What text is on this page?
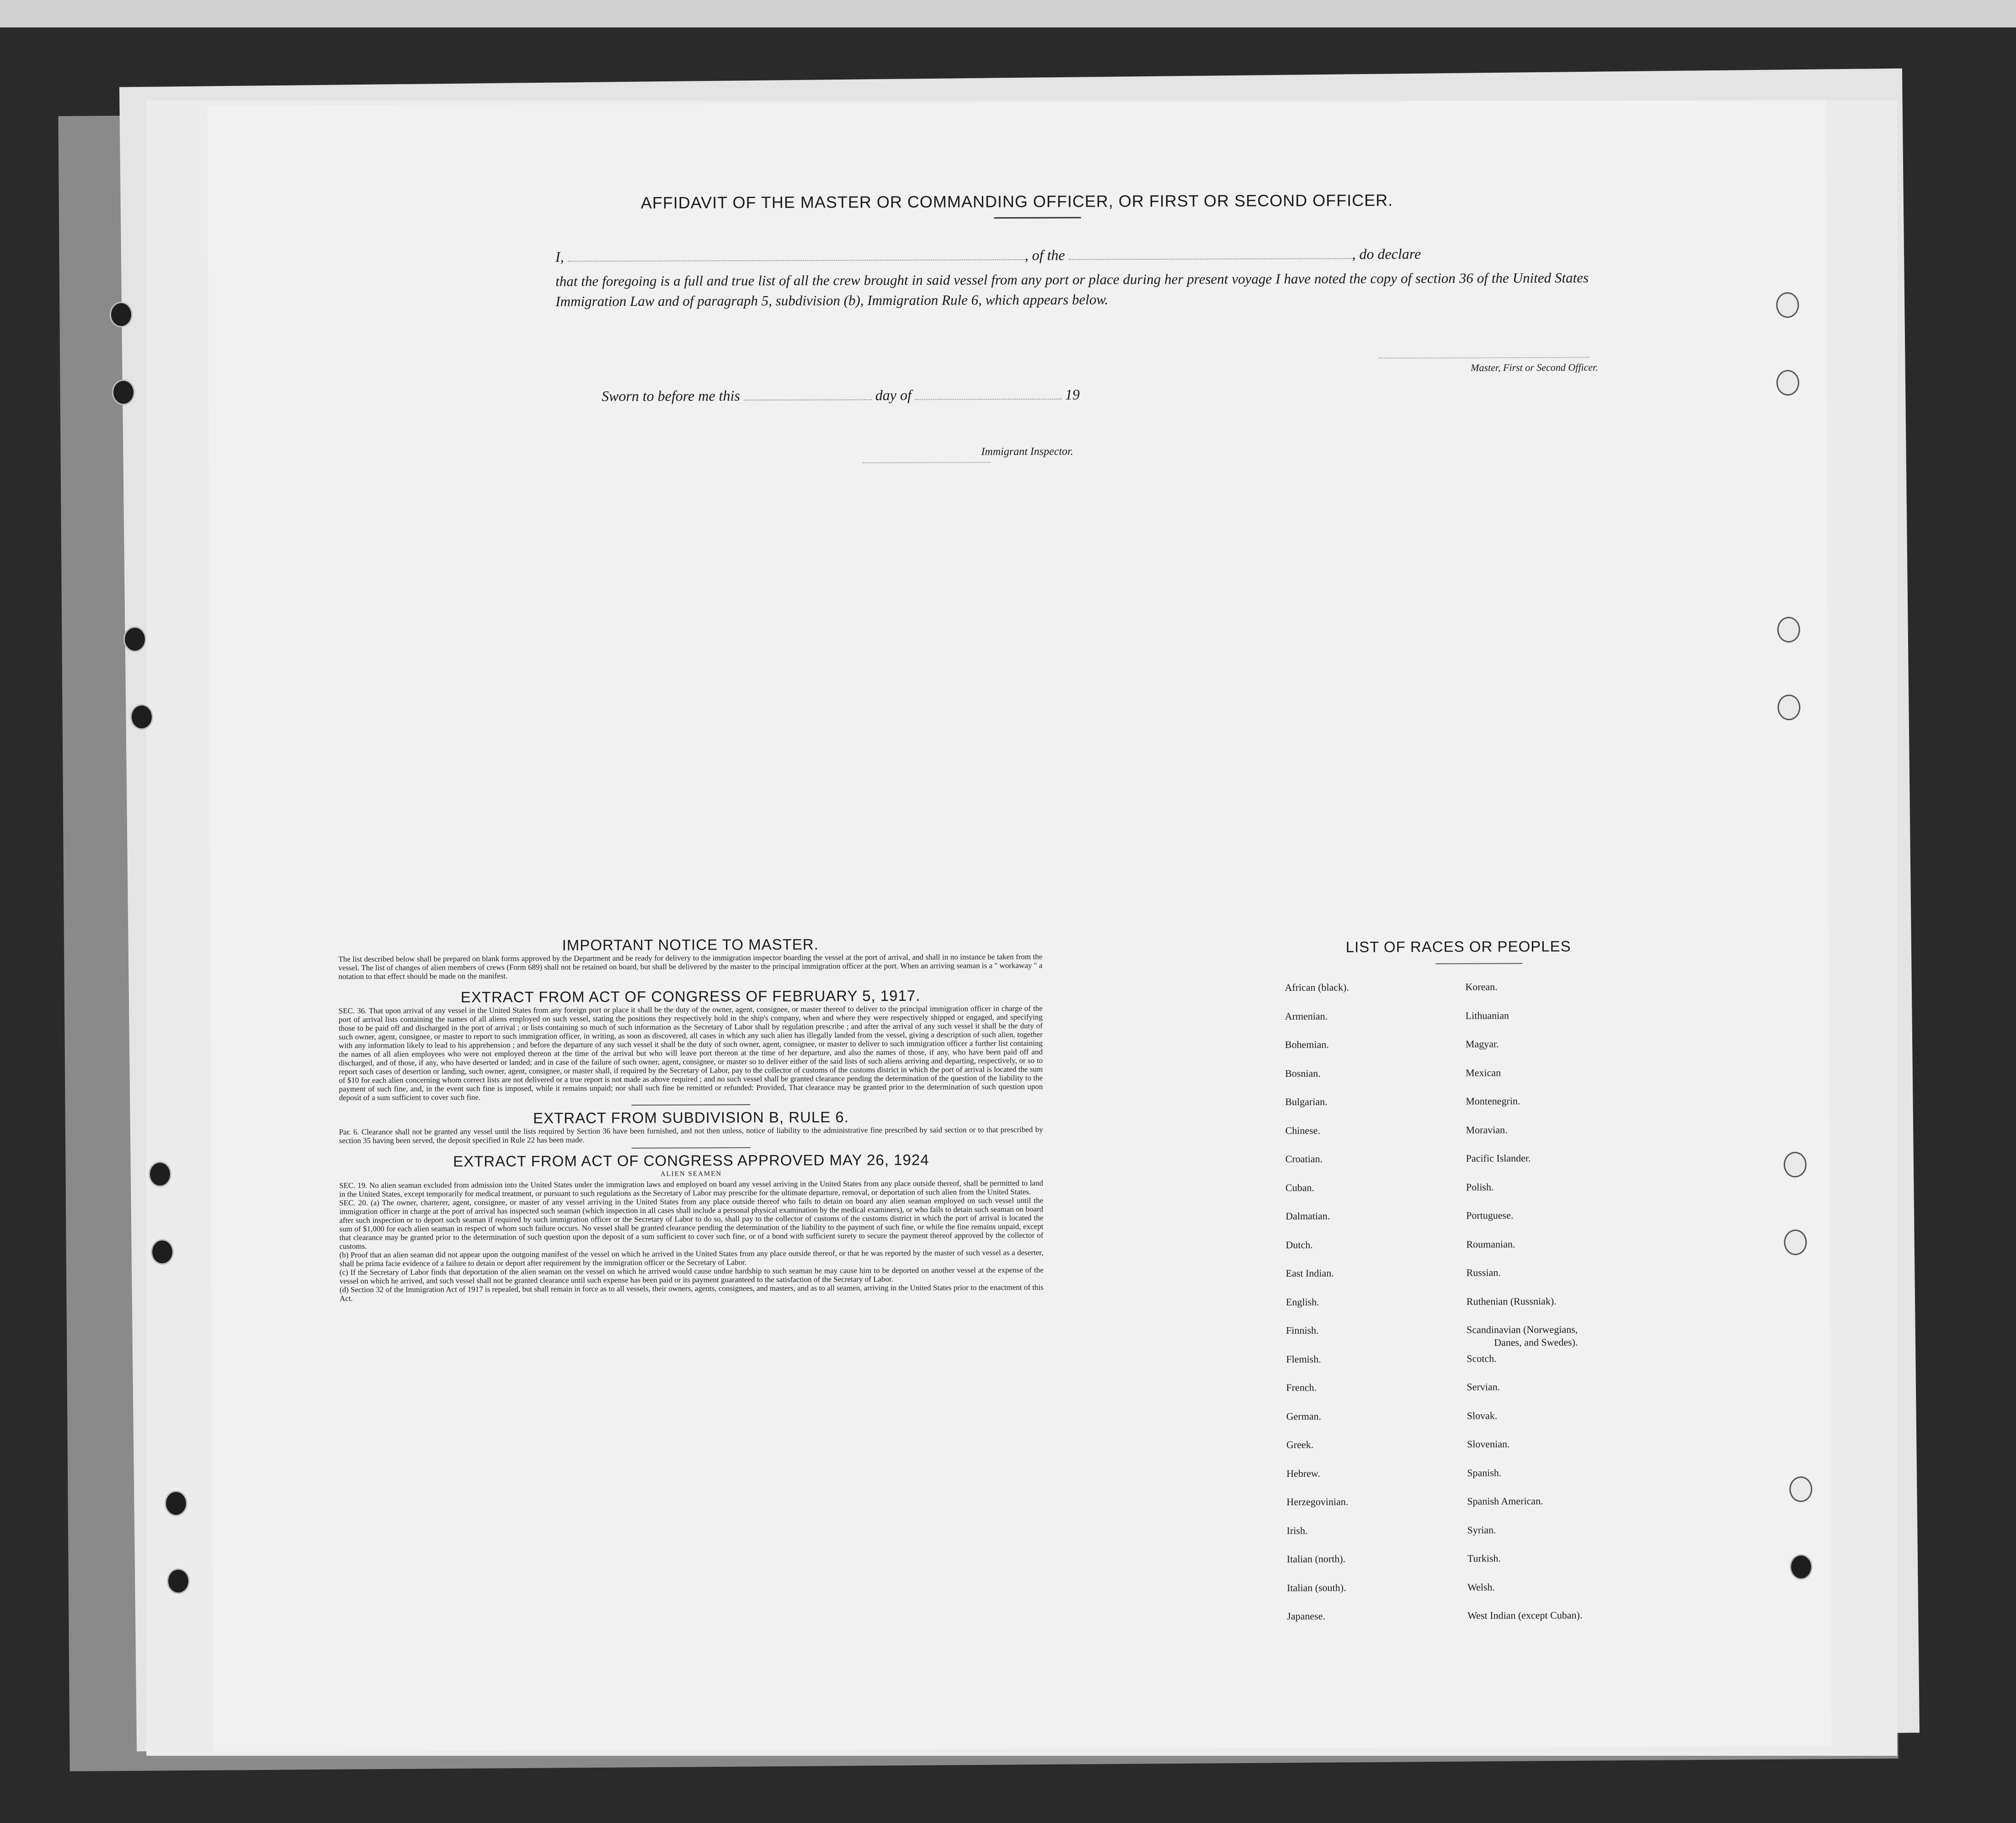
AFFIDAVIT OF THE MASTER OR COMMANDING OFFICER, OR FIRST OR SECOND OFFICER.
I,	, of the	, do declare
that the foregoing is a full and true list of all the crew brought in said vessel from any port or place during her present voyage I have noted the copy of section 36 of the United States Immigration Law and of paragraph 5, subdivision (b), Immigration Rule 6, which appears below.
Master, First or Second Officer.
Sworn to before me this	day of	19
Immigrant Inspector.

IMPORTANT NOTICE TO MASTER.

The list described below shall be prepared on blank forms approved by the Department and be ready for delivery to the immigration inspector boarding the vessel at the port of arrival, and shall in no instance be taken from the vessel. The list of changes of alien members of crews (Form 689) shall not be retained on board, but shall be delivered by the master to the principal immigration officer at the port. When an arriving seaman is a " workaway " a notation to that effect should be made on the manifest.

EXTRACT FROM ACT OF CONGRESS OF FEBRUARY 5, 1917.

SEC. 36. That upon arrival of any vessel in the United States from any foreign port or place it shall be the duty of the owner, agent, consignee, or master thereof to deliver to the principal immigration officer in charge of the port of arrival lists containing the names of all aliens employed on such vessel, stating the positions they respectively hold in the ship's company, when and where they were respectively shipped or engaged, and specifying those to be paid off and discharged in the port of arrival ; or lists containing so much of such information as the Secretary of Labor shall by regulation prescribe ; and after the arrival of any such vessel it shall be the duty of such owner, agent, consignee, or master to report to such immigration officer, in writing, as soon as discovered, all cases in which any such alien has illegally landed from the vessel, giving a description of such alien, together with any information likely to lead to his apprehension ; and before the departure of any such vessel it shall be the duty of such owner, agent, consignee, or master to deliver to such immigration officer a further list containing the names of all alien employees who were not employed thereon at the time of the arrival but who will leave port thereon at the time of her departure, and also the names of those, if any, who have been paid off and discharged, and of those, if any, who have deserted or landed; and in case of the failure of such owner, agent, consignee, or master so to deliver either of the said lists of such aliens arriving and departing, respectively, or so to report such cases of desertion or landing, such owner, agent, consignee, or master shall, if required by the Secretary of Labor, pay to the collector of customs of the customs district in which the port of arrival is located the sum of $10 for each alien concerning whom correct lists are not delivered or a true report is not made as above required ; and no such vessel shall be granted clearance pending the determination of the question of the liability to the payment of such fine, and, in the event such fine is imposed, while it remains unpaid; nor shall such fine be remitted or refunded: Provided, That clearance may be granted prior to the determination of such question upon deposit of a sum sufficient to cover such fine.

EXTRACT FROM SUBDIVISION B, RULE 6.

Par. 6. Clearance shall not be granted any vessel until the lists required by Section 36 have been furnished, and not then unless, notice of liability to the administrative fine prescribed by said section or to that prescribed by section 35 having been served, the deposit specified in Rule 22 has been made.

EXTRACT FROM ACT OF CONGRESS APPROVED MAY 26, 1924

ALIEN SEAMEN

SEC. 19. No alien seaman excluded from admission into the United States under the immigration laws and employed on board any vessel arriving in the United States from any place outside thereof, shall be permitted to land in the United States, except temporarily for medical treatment, or pursuant to such regulations as the Secretary of Labor may prescribe for the ultimate departure, removal, or deportation of such alien from the United States.

SEC. 20. (a) The owner, charterer, agent, consignee, or master of any vessel arriving in the United States from any place outside thereof who fails to detain on board any alien seaman employed on such vessel until the immigration officer in charge at the port of arrival has inspected such seaman (which inspection in all cases shall include a personal physical examination by the medical examiners), or who fails to detain such seaman on board after such inspection or to deport such seaman if required by such immigration officer or the Secretary of Labor to do so, shall pay to the collector of customs of the customs district in which the port of arrival is located the sum of $1,000 for each alien seaman in respect of whom such failure occurs. No vessel shall be granted clearance pending the determination of the liability to the payment of such fine, or while the fine remains unpaid, except that clearance may be granted prior to the determination of such question upon the deposit of a sum sufficient to cover such fine, or of a bond with sufficient surety to secure the payment thereof approved by the collector of customs.

(b) Proof that an alien seaman did not appear upon the outgoing manifest of the vessel on which he arrived in the United States from any place outside thereof, or that he was reported by the master of such vessel as a deserter, shall be prima facie evidence of a failure to detain or deport after requirement by the immigration officer or the Secretary of Labor.

(c) If the Secretary of Labor finds that deportation of the alien seaman on the vessel on which he arrived would cause undue hardship to such seaman he may cause him to be deported on another vessel at the expense of the vessel on which he arrived, and such vessel shall not be granted clearance until such expense has been paid or its payment guaranteed to the satisfaction of the Secretary of Labor.

(d) Section 32 of the Immigration Act of 1917 is repealed, but shall remain in force as to all vessels, their owners, agents, consignees, and masters, and as to all seamen, arriving in the United States prior to the enactment of this Act.

LIST OF RACES OR PEOPLES
African (black).
Armenian.
Bohemian.
Bosnian.
Bulgarian.
Chinese.
Croatian.
Cuban.
Dalmatian.
Dutch.
East Indian.
English.
Finnish.
Flemish.
French.
German.
Greek.
Hebrew.
Herzegovinian.
Irish.
Italian (north).
Italian (south).
Japanese.
Korean.
Lithuanian
Magyar.
Mexican
Montenegrin.
Moravian.
Pacific Islander.
Polish.
Portuguese.
Roumanian.
Russian.
Ruthenian (Russniak).
Scandinavian (Norwegians,
Danes, and Swedes).
Scotch.
Servian.
Slovak.
Slovenian.
Spanish.
Spanish American.
Syrian.
Turkish.
Welsh.
West Indian (except Cuban).
